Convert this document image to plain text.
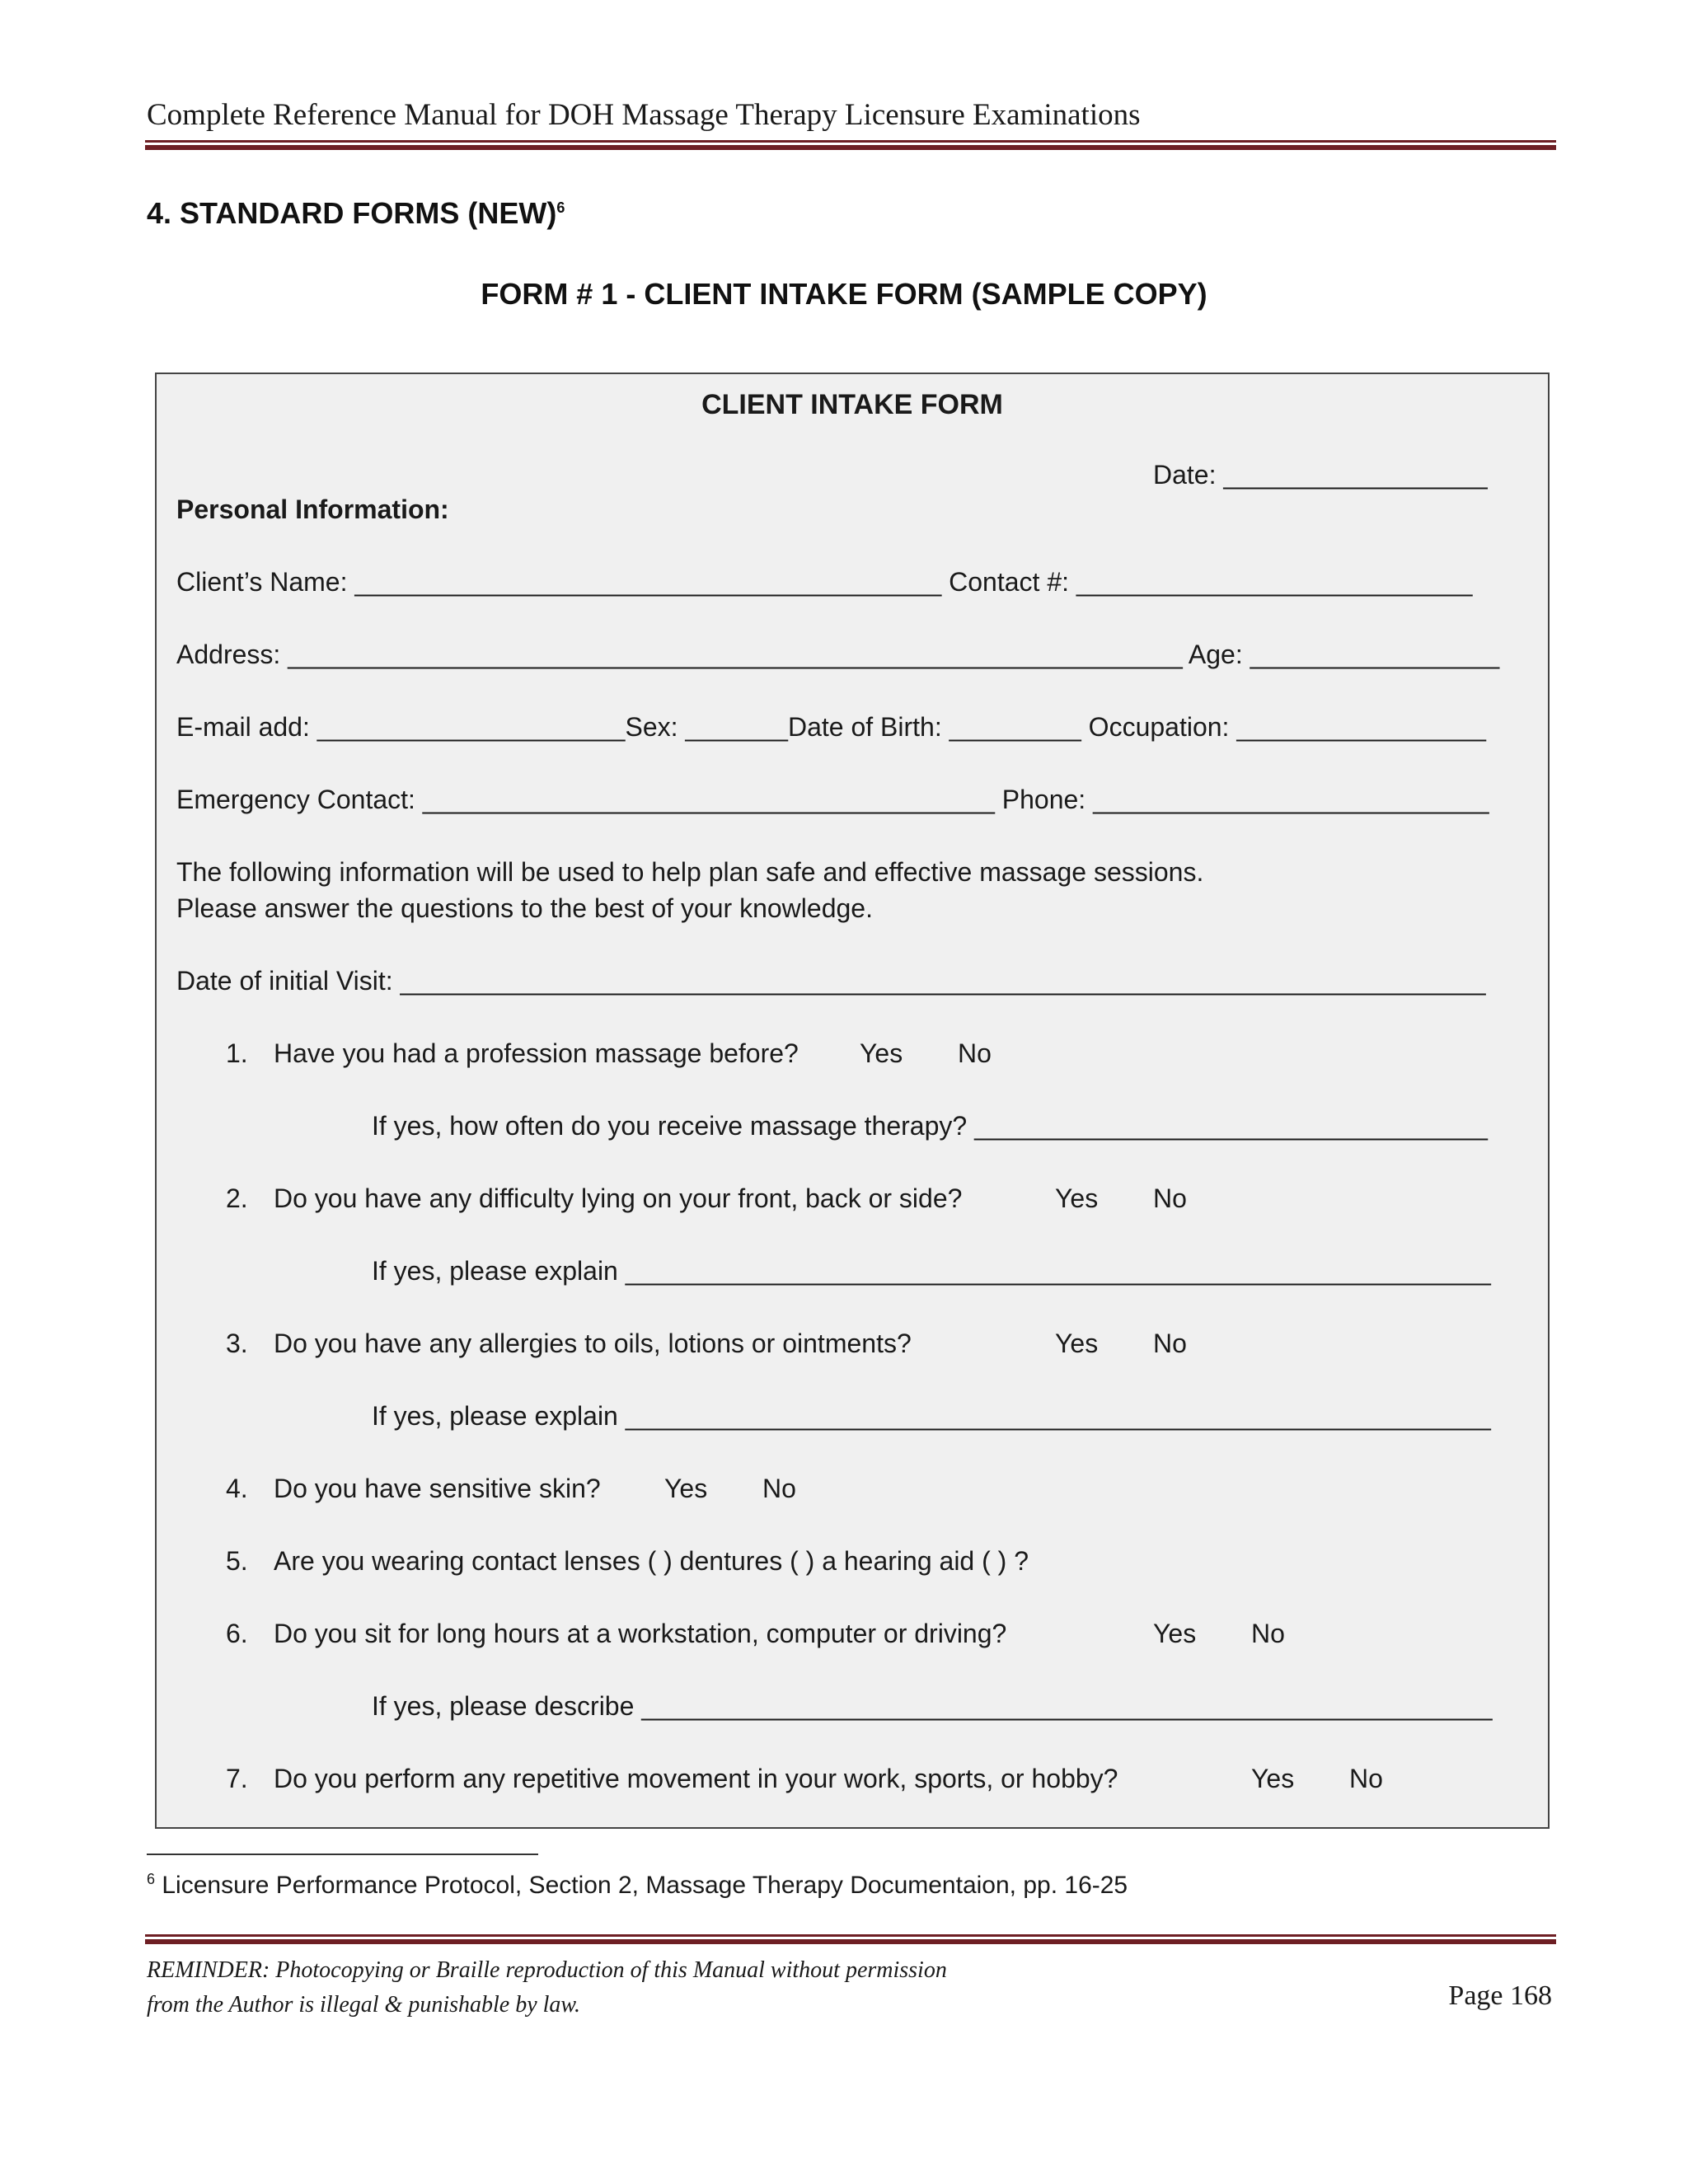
Complete Reference Manual for DOH Massage Therapy Licensure Examinations
4. STANDARD FORMS (NEW)$^6$
FORM # 1 - CLIENT INTAKE FORM (SAMPLE COPY)
CLIENT INTAKE FORM
Date: __________________
Personal Information:
Client’s Name: ________________________________________ Contact #: ___________________________
Address: _____________________________________________________________ Age: _________________
E-mail add: _____________________Sex: _______Date of Birth: _________ Occupation: _________________
Emergency Contact: _______________________________________ Phone: ___________________________
The following information will be used to help plan safe and effective massage sessions.
Please answer the questions to the best of your knowledge.
Date of initial Visit: __________________________________________________________________________
1. Have you had a profession massage before? Yes No
If yes, how often do you receive massage therapy? ___________________________________
2. Do you have any difficulty lying on your front, back or side?	Yes No
If yes, please explain ___________________________________________________________
3. Do you have any allergies to oils, lotions or ointments?	Yes No
If yes, please explain ___________________________________________________________
4. Do you have sensitive skin? Yes No
5. Are you wearing contact lenses ( ) dentures ( ) a hearing aid ( ) ?
6. Do you sit for long hours at a workstation, computer or driving?	Yes No
If yes, please describe __________________________________________________________
7. Do you perform any repetitive movement in your work, sports, or hobby?	Yes No
$^6$ Licensure Performance Protocol, Section 2, Massage Therapy Documentaion, pp. 16-25
REMINDER: Photocopying or Braille reproduction of this Manual without permission
from the Author is illegal & punishable by law.	Page 168
